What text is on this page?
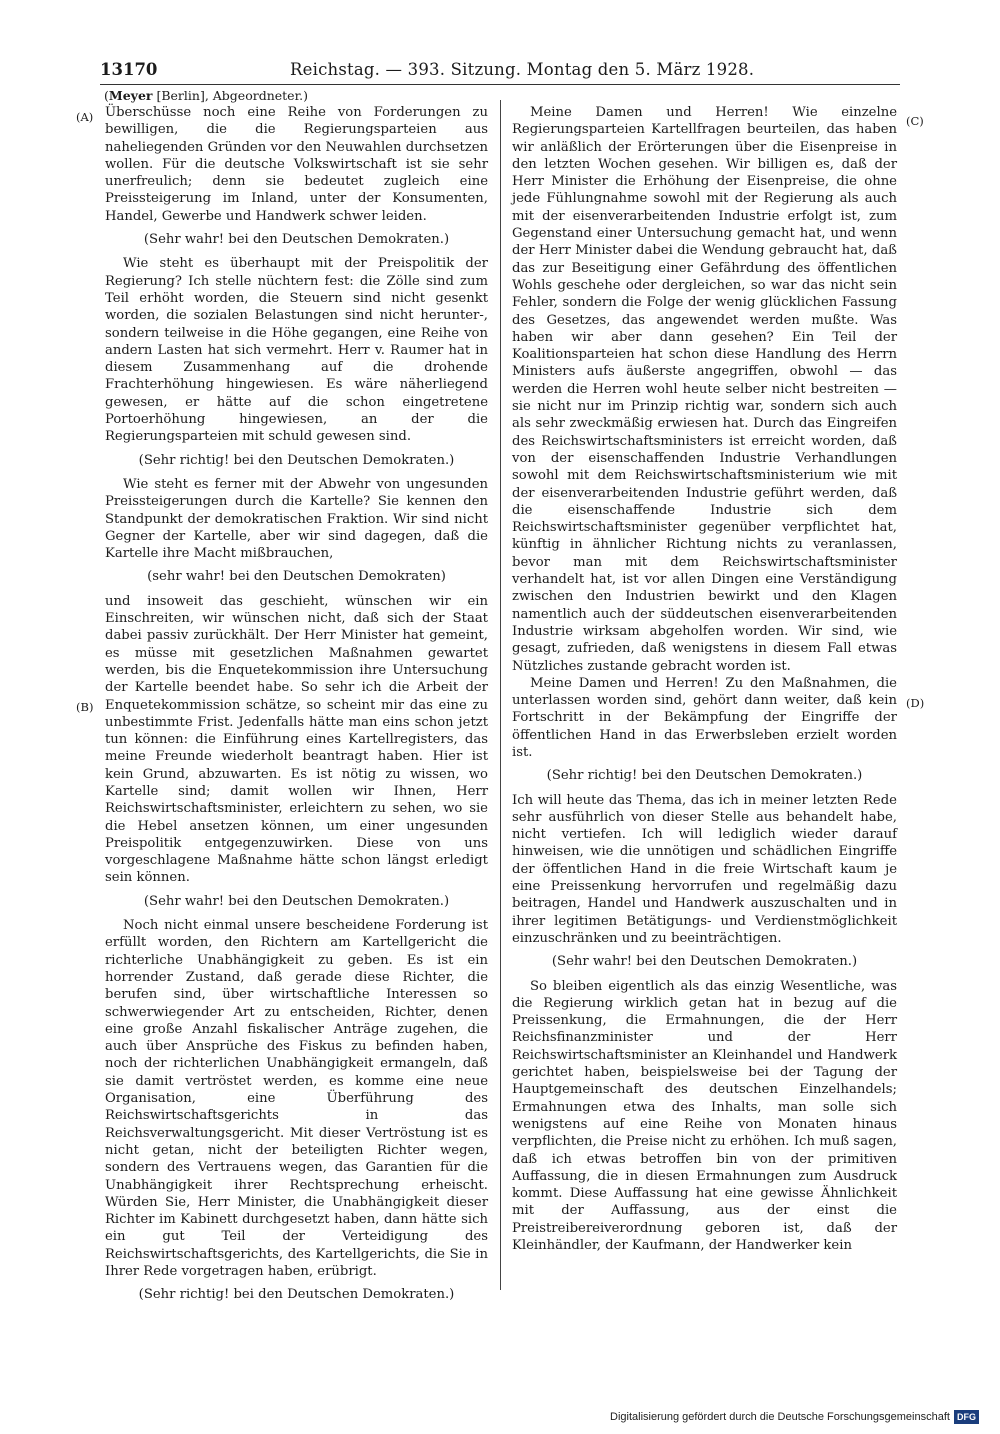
13170	Reichstag. — 393. Sitzung. Montag den 5. März 1928.
(Meyer [Berlin], Abgeordneter.)
(A)
(B)
(C)
(D)

Überschüsse noch eine Reihe von Forderungen zu bewilligen, die die Regierungsparteien aus naheliegenden Gründen vor den Neuwahlen durchsetzen wollen. Für die deutsche Volkswirtschaft ist sie sehr unerfreulich; denn sie bedeutet zugleich eine Preissteigerung im Inland, unter der Konsumenten, Handel, Gewerbe und Handwerk schwer leiden.

(Sehr wahr! bei den Deutschen Demokraten.)

Wie steht es überhaupt mit der Preispolitik der Regierung? Ich stelle nüchtern fest: die Zölle sind zum Teil erhöht worden, die Steuern sind nicht gesenkt worden, die sozialen Belastungen sind nicht herunter-, sondern teilweise in die Höhe gegangen, eine Reihe von andern Lasten hat sich vermehrt. Herr v. Raumer hat in diesem Zusammenhang auf die drohende Frachterhöhung hingewiesen. Es wäre näherliegend gewesen, er hätte auf die schon eingetretene Portoerhöhung hingewiesen, an der die Regierungsparteien mit schuld gewesen sind.

(Sehr richtig! bei den Deutschen Demokraten.)

Wie steht es ferner mit der Abwehr von ungesunden Preissteigerungen durch die Kartelle? Sie kennen den Standpunkt der demokratischen Fraktion. Wir sind nicht Gegner der Kartelle, aber wir sind dagegen, daß die Kartelle ihre Macht mißbrauchen,

(sehr wahr! bei den Deutschen Demokraten)

und insoweit das geschieht, wünschen wir ein Einschreiten, wir wünschen nicht, daß sich der Staat dabei passiv zurückhält. Der Herr Minister hat gemeint, es müsse mit gesetzlichen Maßnahmen gewartet werden, bis die Enquetekommission ihre Untersuchung der Kartelle beendet habe. So sehr ich die Arbeit der Enquetekommission schätze, so scheint mir das eine zu unbestimmte Frist. Jedenfalls hätte man eins schon jetzt tun können: die Einführung eines Kartellregisters, das meine Freunde wiederholt beantragt haben. Hier ist kein Grund, abzuwarten. Es ist nötig zu wissen, wo Kartelle sind; damit wollen wir Ihnen, Herr Reichswirtschaftsminister, erleichtern zu sehen, wo sie die Hebel ansetzen können, um einer ungesunden Preispolitik entgegenzuwirken. Diese von uns vorgeschlagene Maßnahme hätte schon längst erledigt sein können.

(Sehr wahr! bei den Deutschen Demokraten.)

Noch nicht einmal unsere bescheidene Forderung ist erfüllt worden, den Richtern am Kartellgericht die richterliche Unabhängigkeit zu geben. Es ist ein horrender Zustand, daß gerade diese Richter, die berufen sind, über wirtschaftliche Interessen so schwerwiegender Art zu entscheiden, Richter, denen eine große Anzahl fiskalischer Anträge zugehen, die auch über Ansprüche des Fiskus zu befinden haben, noch der richterlichen Unabhängigkeit ermangeln, daß sie damit vertröstet werden, es komme eine neue Organisation, eine Überführung des Reichswirtschaftsgerichts in das Reichsverwaltungsgericht. Mit dieser Vertröstung ist es nicht getan, nicht der beteiligten Richter wegen, sondern des Vertrauens wegen, das Garantien für die Unabhängigkeit ihrer Rechtsprechung erheischt. Würden Sie, Herr Minister, die Unabhängigkeit dieser Richter im Kabinett durchgesetzt haben, dann hätte sich ein gut Teil der Verteidigung des Reichswirtschaftsgerichts, des Kartellgerichts, die Sie in Ihrer Rede vorgetragen haben, erübrigt.

(Sehr richtig! bei den Deutschen Demokraten.)

Meine Damen und Herren! Wie einzelne Regierungsparteien Kartellfragen beurteilen, das haben wir anläßlich der Erörterungen über die Eisenpreise in den letzten Wochen gesehen. Wir billigen es, daß der Herr Minister die Erhöhung der Eisenpreise, die ohne jede Fühlungnahme sowohl mit der Regierung als auch mit der eisenverarbeitenden Industrie erfolgt ist, zum Gegenstand einer Untersuchung gemacht hat, und wenn der Herr Minister dabei die Wendung gebraucht hat, daß das zur Beseitigung einer Gefährdung des öffentlichen Wohls geschehe oder dergleichen, so war das nicht sein Fehler, sondern die Folge der wenig glücklichen Fassung des Gesetzes, das angewendet werden mußte. Was haben wir aber dann gesehen? Ein Teil der Koalitionsparteien hat schon diese Handlung des Herrn Ministers aufs äußerste angegriffen, obwohl — das werden die Herren wohl heute selber nicht bestreiten — sie nicht nur im Prinzip richtig war, sondern sich auch als sehr zweckmäßig erwiesen hat. Durch das Eingreifen des Reichswirtschaftsministers ist erreicht worden, daß von der eisenschaffenden Industrie Verhandlungen sowohl mit dem Reichswirtschaftsministerium wie mit der eisenverarbeitenden Industrie geführt werden, daß die eisenschaffende Industrie sich dem Reichswirtschaftsminister gegenüber verpflichtet hat, künftig in ähnlicher Richtung nichts zu veranlassen, bevor man mit dem Reichswirtschaftsminister verhandelt hat, ist vor allen Dingen eine Verständigung zwischen den Industrien bewirkt und den Klagen namentlich auch der süddeutschen eisenverarbeitenden Industrie wirksam abgeholfen worden. Wir sind, wie gesagt, zufrieden, daß wenigstens in diesem Fall etwas Nützliches zustande gebracht worden ist.

Meine Damen und Herren! Zu den Maßnahmen, die unterlassen worden sind, gehört dann weiter, daß kein Fortschritt in der Bekämpfung der Eingriffe der öffentlichen Hand in das Erwerbsleben erzielt worden ist.

(Sehr richtig! bei den Deutschen Demokraten.)

Ich will heute das Thema, das ich in meiner letzten Rede sehr ausführlich von dieser Stelle aus behandelt habe, nicht vertiefen. Ich will lediglich wieder darauf hinweisen, wie die unnötigen und schädlichen Eingriffe der öffentlichen Hand in die freie Wirtschaft kaum je eine Preissenkung hervorrufen und regelmäßig dazu beitragen, Handel und Handwerk auszuschalten und in ihrer legitimen Betätigungs- und Verdienstmöglichkeit einzuschränken und zu beeinträchtigen.

(Sehr wahr! bei den Deutschen Demokraten.)

So bleiben eigentlich als das einzig Wesentliche, was die Regierung wirklich getan hat in bezug auf die Preissenkung, die Ermahnungen, die der Herr Reichsfinanzminister und der Herr Reichswirtschaftsminister an Kleinhandel und Handwerk gerichtet haben, beispielsweise bei der Tagung der Hauptgemeinschaft des deutschen Einzelhandels; Ermahnungen etwa des Inhalts, man solle sich wenigstens auf eine Reihe von Monaten hinaus verpflichten, die Preise nicht zu erhöhen. Ich muß sagen, daß ich etwas betroffen bin von der primitiven Auffassung, die in diesen Ermahnungen zum Ausdruck kommt. Diese Auffassung hat eine gewisse Ähnlichkeit mit der Auffassung, aus der einst die Preistreibereiverordnung geboren ist, daß der Kleinhändler, der Kaufmann, der Handwerker kein

Digitalisierung gefördert durch die Deutsche Forschungsgemeinschaft DFG
